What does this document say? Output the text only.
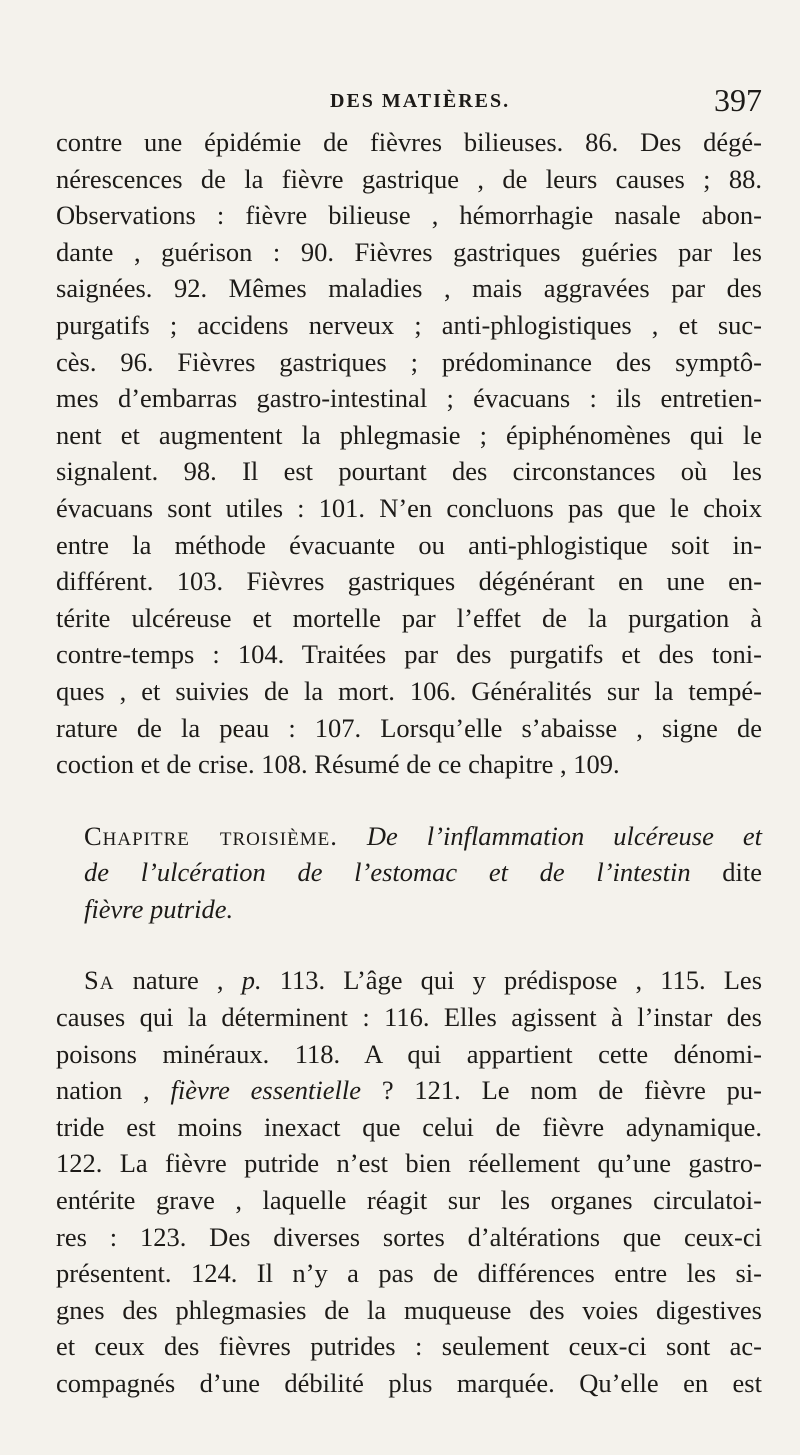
DES MATIÈRES.	397
contre une épidémie de fièvres bilieuses. 86. Des dégé-
nérescences de la fièvre gastrique , de leurs causes ; 88.
Observations : fièvre bilieuse , hémorrhagie nasale abon-
dante , guérison : 90. Fièvres gastriques guéries par les
saignées. 92. Mêmes maladies , mais aggravées par des
purgatifs ; accidens nerveux ; anti-phlogistiques , et suc-
cès. 96. Fièvres gastriques ; prédominance des symptô-
mes d’embarras gastro-intestinal ; évacuans : ils entretien-
nent et augmentent la phlegmasie ; épiphénomènes qui le
signalent. 98. Il est pourtant des circonstances où les
évacuans sont utiles : 101. N’en concluons pas que le choix
entre la méthode évacuante ou anti-phlogistique soit in-
différent. 103. Fièvres gastriques dégénérant en une en-
térite ulcéreuse et mortelle par l’effet de la purgation à
contre-temps : 104. Traitées par des purgatifs et des toni-
ques , et suivies de la mort. 106. Généralités sur la tempé-
rature de la peau : 107. Lorsqu’elle s’abaisse , signe de
coction et de crise. 108. Résumé de ce chapitre , 109.
Chapitre troisième. De l’inflammation ulcéreuse et
de l’ulcération de l’estomac et de l’intestin dite
fièvre putride.
Sa nature , p. 113. L’âge qui y prédispose , 115. Les
causes qui la déterminent : 116. Elles agissent à l’instar des
poisons minéraux. 118. A qui appartient cette dénomi-
nation , fièvre essentielle ? 121. Le nom de fièvre pu-
tride est moins inexact que celui de fièvre adynamique.
122. La fièvre putride n’est bien réellement qu’une gastro-
entérite grave , laquelle réagit sur les organes circulatoi-
res : 123. Des diverses sortes d’altérations que ceux-ci
présentent. 124. Il n’y a pas de différences entre les si-
gnes des phlegmasies de la muqueuse des voies digestives
et ceux des fièvres putrides : seulement ceux-ci sont ac-
compagnés d’une débilité plus marquée. Qu’elle en est
